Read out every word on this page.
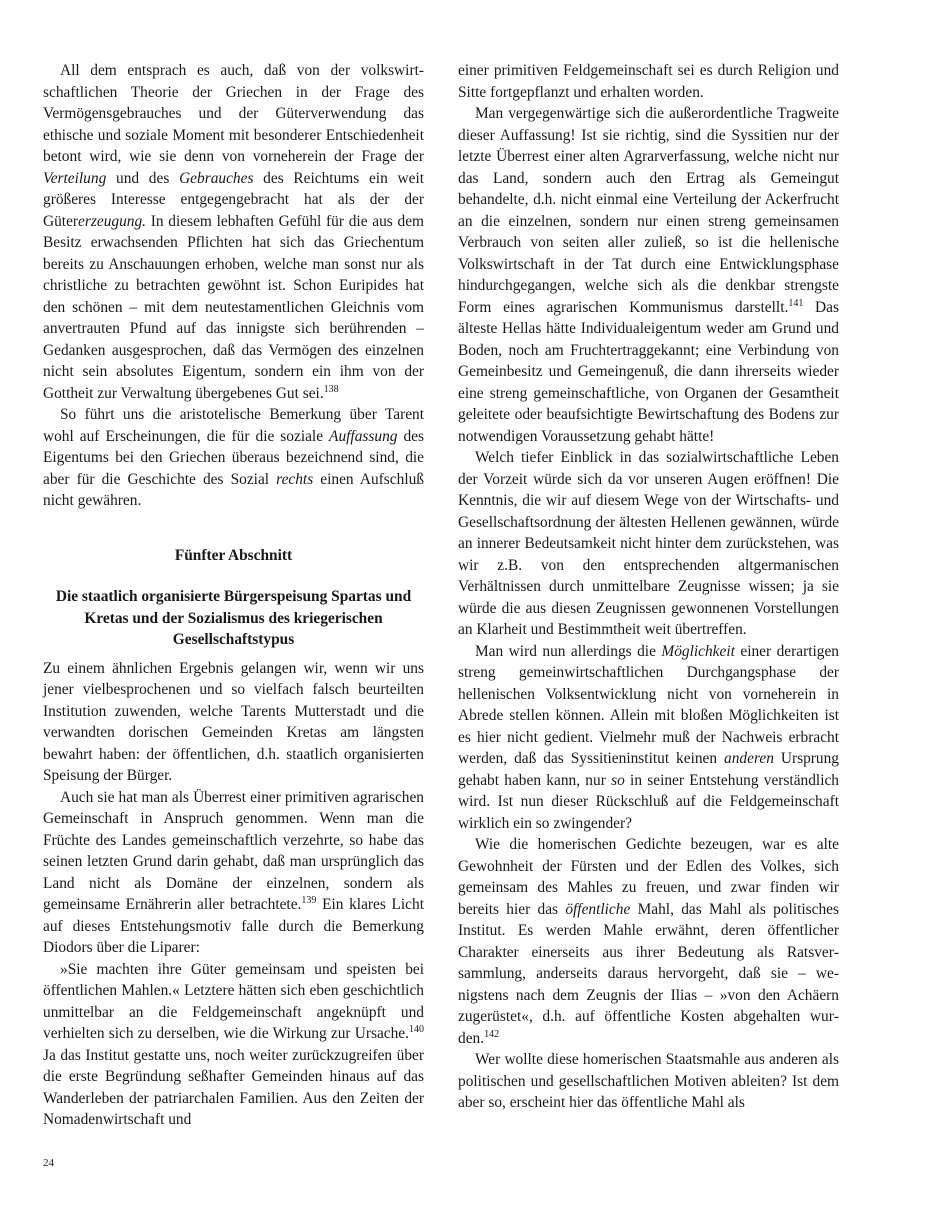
All dem entsprach es auch, daß von der volkswirtschaftlichen Theorie der Griechen in der Frage des Vermögensgebrauches und der Güterverwendung das ethische und soziale Moment mit besonderer Entschiedenheit betont wird, wie sie denn von vorneherein der Frage der Verteilung und des Gebrauches des Reichtums ein weit größeres Interesse entgegengebracht hat als der der Gütererzeugung. In diesem lebhaften Gefühl für die aus dem Besitz erwachsenden Pflichten hat sich das Griechentum bereits zu Anschauungen erhoben, welche man sonst nur als christliche zu betrachten gewöhnt ist. Schon Euripides hat den schönen – mit dem neutestamentlichen Gleichnis vom anvertrauten Pfund auf das innigste sich berührenden – Gedanken ausgesprochen, daß das Vermögen des einzelnen nicht sein absolutes Eigentum, sondern ein ihm von der Gottheit zur Verwaltung übergebenes Gut sei.$^{138}$

So führt uns die aristotelische Bemerkung über Tarent wohl auf Erscheinungen, die für die soziale Auffassung des Eigentums bei den Griechen überaus bezeichnend sind, die aber für die Geschichte des Sozial rechts einen Aufschluß nicht gewähren.

Fünfter Abschnitt
Die staatlich organisierte Bürgerspeisung Spartas und Kretas und der Sozialismus des kriegerischen Gesellschaftstypus

Zu einem ähnlichen Ergebnis gelangen wir, wenn wir uns jener vielbesprochenen und so vielfach falsch beurteilten Institution zuwenden, welche Tarents Mutterstadt und die verwandten dorischen Gemeinden Kretas am längsten bewahrt haben: der öffentlichen, d.h. staatlich organisierten Speisung der Bürger.

Auch sie hat man als Überrest einer primitiven agrarischen Gemeinschaft in Anspruch genommen. Wenn man die Früchte des Landes gemeinschaftlich verzehrte, so habe das seinen letzten Grund darin gehabt, daß man ursprünglich das Land nicht als Domäne der einzelnen, sondern als gemeinsame Ernährerin aller betrachtete.$^{139}$ Ein klares Licht auf dieses Entstehungsmotiv falle durch die Bemerkung Diodors über die Liparer:

»Sie machten ihre Güter gemeinsam und speisten bei öffentlichen Mahlen.« Letztere hätten sich eben geschichtlich unmittelbar an die Feldgemeinschaft angeknüpft und verhielten sich zu derselben, wie die Wirkung zur Ursache.$^{140}$ Ja das Institut gestatte uns, noch weiter zurückzugreifen über die erste Begründung seßhafter Gemeinden hinaus auf das Wanderleben der patriarchalen Familien. Aus den Zeiten der Nomadenwirtschaft und

einer primitiven Feldgemeinschaft sei es durch Religion und Sitte fortgepflanzt und erhalten worden.

Man vergegenwärtige sich die außerordentliche Tragweite dieser Auffassung! Ist sie richtig, sind die Syssitien nur der letzte Überrest einer alten Agrarverfassung, welche nicht nur das Land, sondern auch den Ertrag als Gemeingut behandelte, d.h. nicht einmal eine Verteilung der Ackerfrucht an die einzelnen, sondern nur einen streng gemeinsamen Verbrauch von seiten aller zuließ, so ist die hellenische Volkswirtschaft in der Tat durch eine Entwicklungsphase hindurchgegangen, welche sich als die denkbar strengste Form eines agrarischen Kommunismus darstellt.$^{141}$ Das älteste Hellas hätte Individualeigentum weder am Grund und Boden, noch am Fruchtertraggekannt; eine Verbindung von Gemeinbesitz und Gemeingenuß, die dann ihrerseits wieder eine streng gemeinschaftliche, von Organen der Gesamtheit geleitete oder beaufsichtigte Bewirtschaftung des Bodens zur notwendigen Voraussetzung gehabt hätte!

Welch tiefer Einblick in das sozialwirtschaftliche Leben der Vorzeit würde sich da vor unseren Augen eröffnen! Die Kenntnis, die wir auf diesem Wege von der Wirtschafts- und Gesellschaftsordnung der ältesten Hellenen gewännen, würde an innerer Bedeutsamkeit nicht hinter dem zurückstehen, was wir z.B. von den entsprechenden altgermanischen Verhältnissen durch unmittelbare Zeugnisse wissen; ja sie würde die aus diesen Zeugnissen gewonnenen Vorstellungen an Klarheit und Bestimmtheit weit übertreffen.

Man wird nun allerdings die Möglichkeit einer derartigen streng gemeinwirtschaftlichen Durchgangsphase der hellenischen Volksentwicklung nicht von vorneherein in Abrede stellen können. Allein mit bloßen Möglichkeiten ist es hier nicht gedient. Vielmehr muß der Nachweis erbracht werden, daß das Syssitieninstitut keinen anderen Ursprung gehabt haben kann, nur so in seiner Entstehung verständlich wird. Ist nun dieser Rückschluß auf die Feldgemeinschaft wirklich ein so zwingender?

Wie die homerischen Gedichte bezeugen, war es alte Gewohnheit der Fürsten und der Edlen des Volkes, sich gemeinsam des Mahles zu freuen, und zwar finden wir bereits hier das öffentliche Mahl, das Mahl als politisches Institut. Es werden Mahle erwähnt, deren öffentlicher Charakter einerseits aus ihrer Bedeutung als Ratsversammlung, anderseits daraus hervorgeht, daß sie – wenigstens nach dem Zeugnis der Ilias – »von den Achäern zugerüstet«, d.h. auf öffentliche Kosten abgehalten wurden.$^{142}$

Wer wollte diese homerischen Staatsmahle aus anderen als politischen und gesellschaftlichen Motiven ableiten? Ist dem aber so, erscheint hier das öffentliche Mahl als

24
